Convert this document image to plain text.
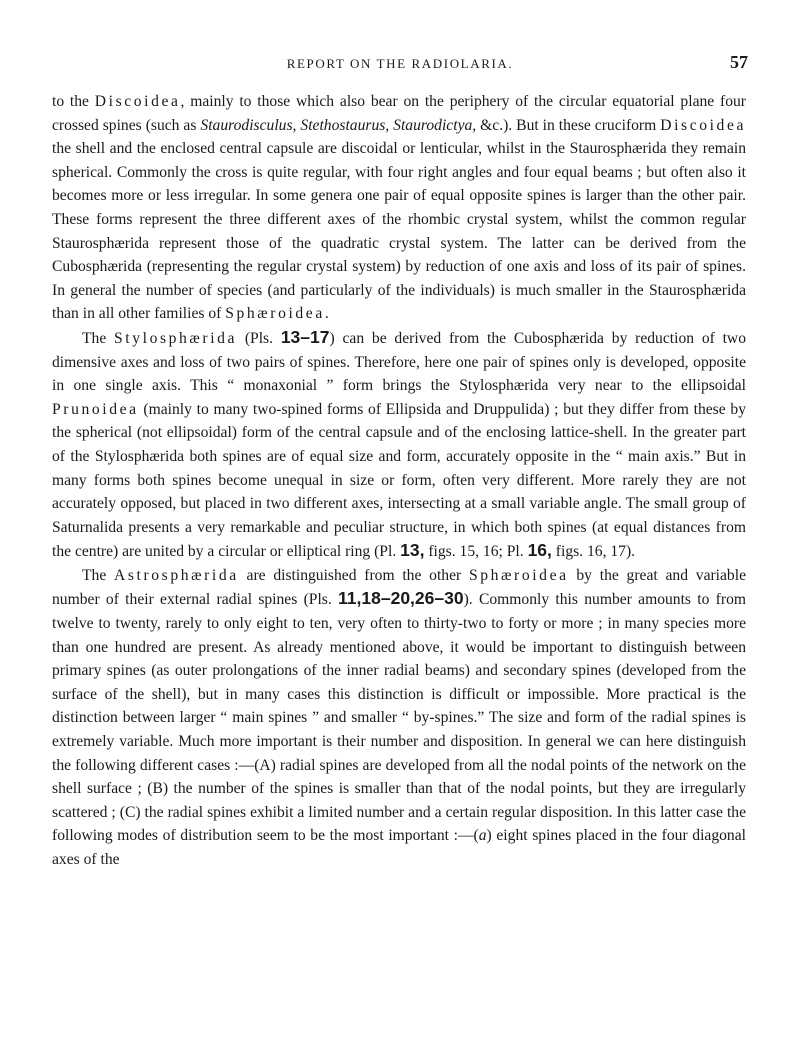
REPORT ON THE RADIOLARIA.	57

to the Discoidea, mainly to those which also bear on the periphery of the circular equatorial plane four crossed spines (such as Staurodisculus, Stethostaurus, Staurodictya, &c.). But in these cruciform Discoidea the shell and the enclosed central capsule are discoidal or lenticular, whilst in the Staurosphærida they remain spherical. Commonly the cross is quite regular, with four right angles and four equal beams ; but often also it becomes more or less irregular. In some genera one pair of equal opposite spines is larger than the other pair. These forms represent the three different axes of the rhombic crystal system, whilst the common regular Staurosphærida represent those of the quadratic crystal system. The latter can be derived from the Cubosphærida (representing the regular crystal system) by reduction of one axis and loss of its pair of spines. In general the number of species (and particularly of the individuals) is much smaller in the Staurosphærida than in all other families of Sphæroidea.

The Stylosphærida (Pls. 13–17) can be derived from the Cubosphærida by reduction of two dimensive axes and loss of two pairs of spines. Therefore, here one pair of spines only is developed, opposite in one single axis. This “ monaxonial ” form brings the Stylosphærida very near to the ellipsoidal Prunoidea (mainly to many two-spined forms of Ellipsida and Druppulida) ; but they differ from these by the spherical (not ellipsoidal) form of the central capsule and of the enclosing lattice-shell. In the greater part of the Stylosphærida both spines are of equal size and form, accurately opposite in the “ main axis.” But in many forms both spines become unequal in size or form, often very different. More rarely they are not accurately opposed, but placed in two different axes, intersecting at a small variable angle. The small group of Saturnalida presents a very remarkable and peculiar structure, in which both spines (at equal distances from the centre) are united by a circular or elliptical ring (Pl. 13, figs. 15, 16; Pl. 16, figs. 16, 17).

The Astrosphærida are distinguished from the other Sphæroidea by the great and variable number of their external radial spines (Pls. 11,18–20,26–30). Commonly this number amounts to from twelve to twenty, rarely to only eight to ten, very often to thirty-two to forty or more ; in many species more than one hundred are present. As already mentioned above, it would be important to distinguish between primary spines (as outer prolongations of the inner radial beams) and secondary spines (developed from the surface of the shell), but in many cases this distinction is difficult or impossible. More practical is the distinction between larger “ main spines ” and smaller “ by-spines.” The size and form of the radial spines is extremely variable. Much more important is their number and disposition. In general we can here distinguish the following different cases :—(A) radial spines are developed from all the nodal points of the network on the shell surface ; (B) the number of the spines is smaller than that of the nodal points, but they are irregularly scattered ; (C) the radial spines exhibit a limited number and a certain regular disposition. In this latter case the following modes of distribution seem to be the most important :—(a) eight spines placed in the four diagonal axes of the
